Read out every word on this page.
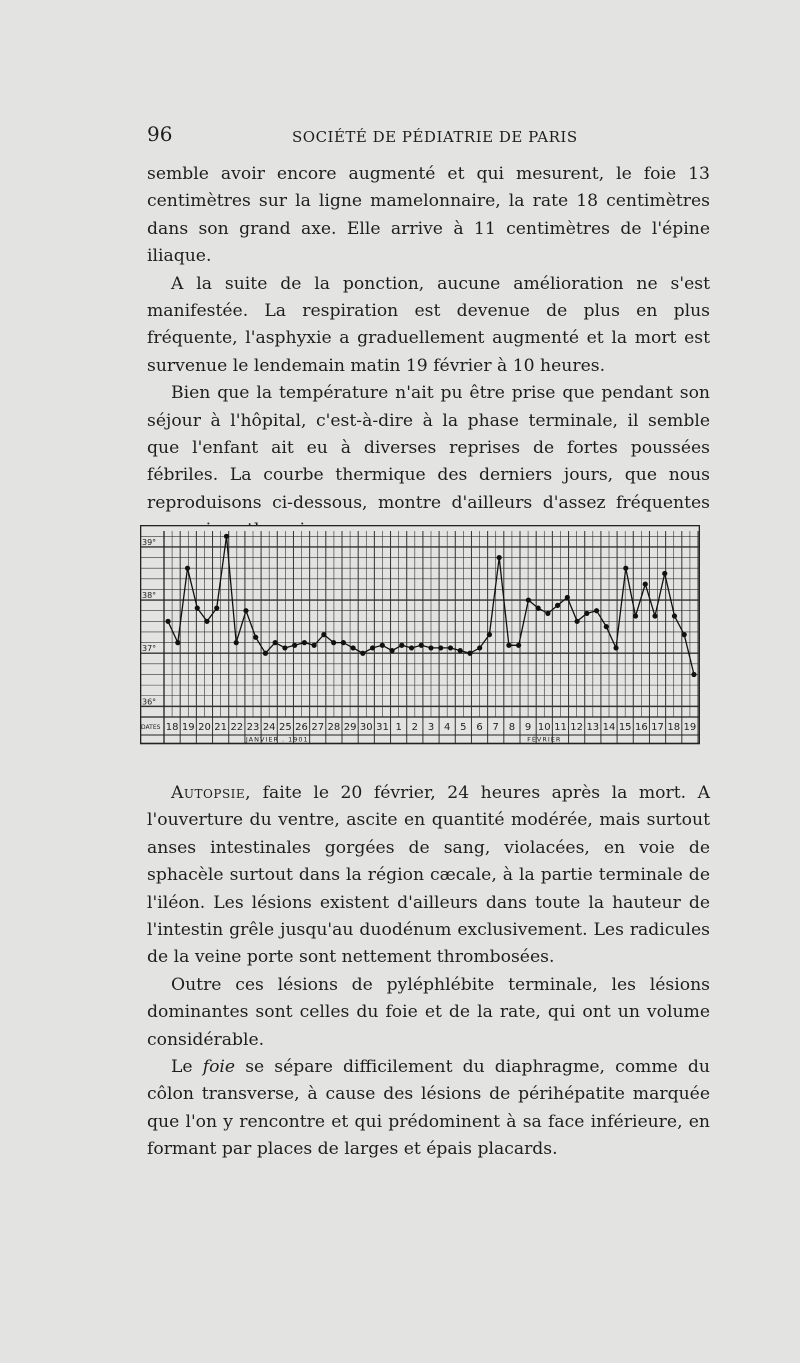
96	SOCIÉTÉ DE PÉDIATRIE DE PARIS

semble avoir encore augmenté et qui mesurent, le foie 13 centimètres sur la ligne mamelonnaire, la rate 18 centimètres dans son grand axe. Elle arrive à 11 centimètres de l'épine iliaque.

A la suite de la ponction, aucune amélioration ne s'est manifestée. La respiration est devenue de plus en plus fréquente, l'asphyxie a graduellement augmenté et la mort est survenue le lendemain matin 19 février à 10 heures.

Bien que la température n'ait pu être prise que pendant son séjour à l'hôpital, c'est-à-dire à la phase terminale, il semble que l'enfant ait eu à diverses reprises de fortes poussées fébriles. La courbe thermique des derniers jours, que nous reproduisons ci-dessous, montre d'ailleurs d'assez fréquentes

39°
38°
37°
36°
DATES 18 19 20 21 22 23 24 25 26 27 28 29 30 31 1 2 3 4 5 6 7 8 9 10 11 12 13 14 15 16 17 18 19
JANVIER . 1901	FÉVRIER

Autopsie, faite le 20 février, 24 heures après la mort. A l'ouverture du ventre, ascite en quantité modérée, mais surtout anses intestinales gorgées de sang, violacées, en voie de sphacèle surtout dans la région cæcale, à la partie terminale de l'iléon. Les lésions existent d'ailleurs dans toute la hauteur de l'intestin grêle jusqu'au duodénum exclusivement. Les radicules de la veine porte sont nettement thrombosées.

Outre ces lésions de pyléphlébite terminale, les lésions dominantes sont celles du foie et de la rate, qui ont un volume considérable.

Le foie se sépare difficilement du diaphragme, comme du côlon transverse, à cause des lésions de périhépatite marquée que l'on y rencontre et qui prédominent à sa face inférieure, en formant par places de larges et épais placards.
